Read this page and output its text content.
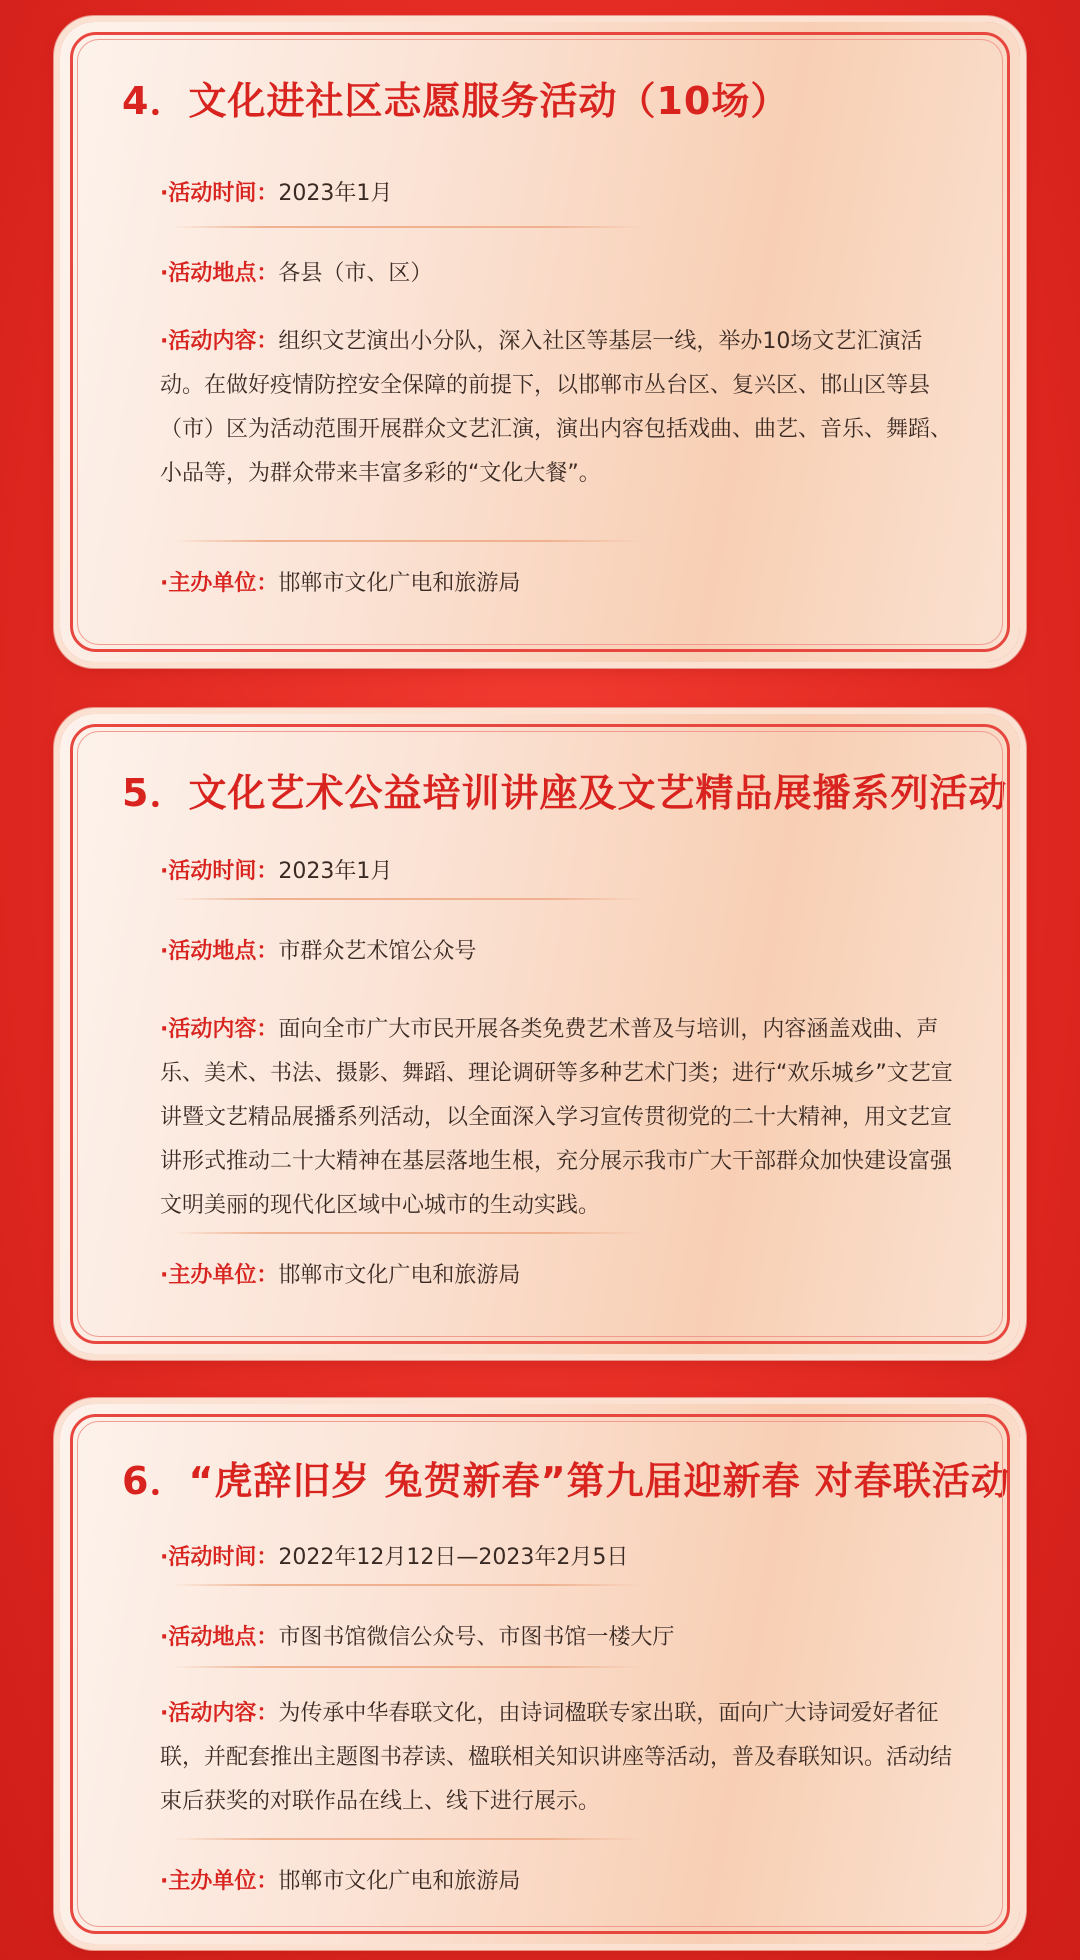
4．文化进社区志愿服务活动（10场）
·活动时间：2023年1月
·活动地点：各县（市、区）
·活动内容：组织文艺演出小分队，深入社区等基层一线，举办10场文艺汇演活动。在做好疫情防控安全保障的前提下，以邯郸市丛台区、复兴区、邯山区等县（市）区为活动范围开展群众文艺汇演，演出内容包括戏曲、曲艺、音乐、舞蹈、小品等，为群众带来丰富多彩的“文化大餐”。
·主办单位：邯郸市文化广电和旅游局
5．文化艺术公益培训讲座及文艺精品展播系列活动
·活动时间：2023年1月
·活动地点：市群众艺术馆公众号
·活动内容：面向全市广大市民开展各类免费艺术普及与培训，内容涵盖戏曲、声乐、美术、书法、摄影、舞蹈、理论调研等多种艺术门类；进行“欢乐城乡”文艺宣讲暨文艺精品展播系列活动，以全面深入学习宣传贯彻党的二十大精神，用文艺宣讲形式推动二十大精神在基层落地生根，充分展示我市广大干部群众加快建设富强文明美丽的现代化区域中心城市的生动实践。
·主办单位：邯郸市文化广电和旅游局
6．“虎辞旧岁 兔贺新春”第九届迎新春 对春联活动
·活动时间：2022年12月12日—2023年2月5日
·活动地点：市图书馆微信公众号、市图书馆一楼大厅
·活动内容：为传承中华春联文化，由诗词楹联专家出联，面向广大诗词爱好者征联，并配套推出主题图书荐读、楹联相关知识讲座等活动，普及春联知识。活动结束后获奖的对联作品在线上、线下进行展示。
·主办单位：邯郸市文化广电和旅游局
